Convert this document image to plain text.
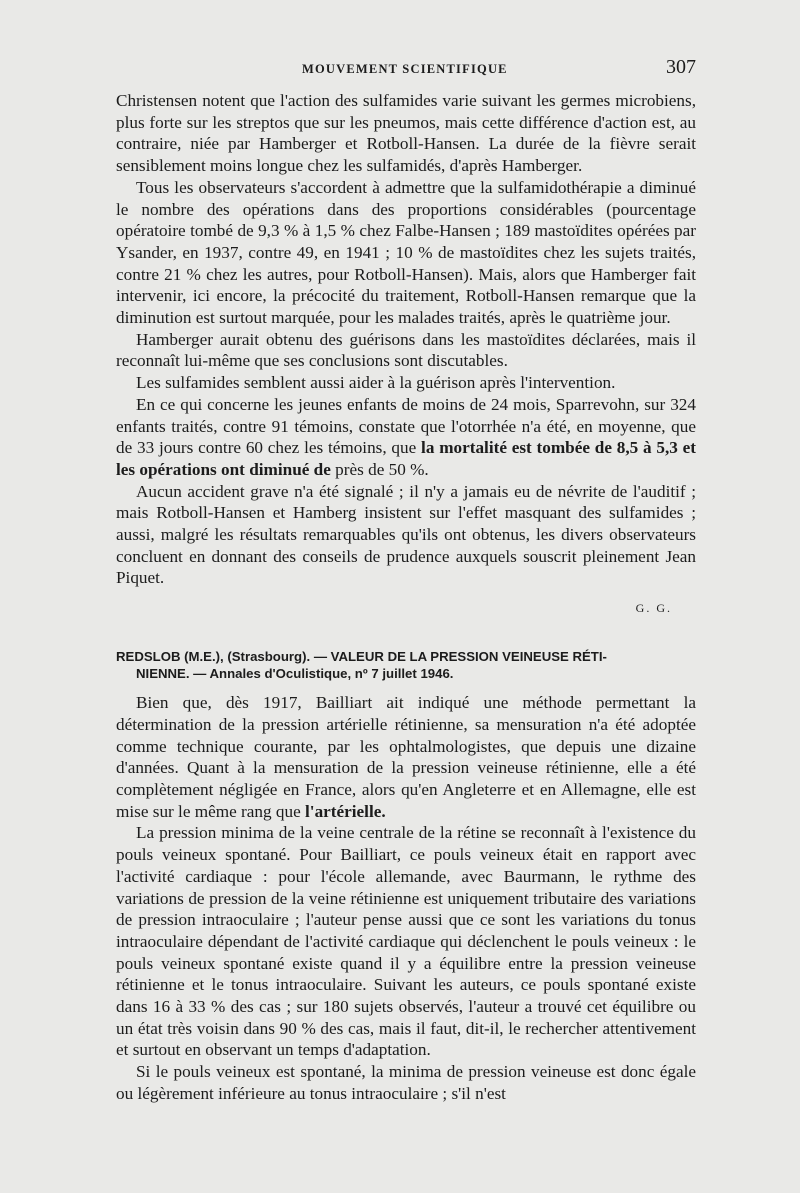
MOUVEMENT SCIENTIFIQUE	307

Christensen notent que l'action des sulfamides varie suivant les germes microbiens, plus forte sur les streptos que sur les pneumos, mais cette différence d'action est, au contraire, niée par Hamberger et Rotboll-Hansen. La durée de la fièvre serait sensiblement moins longue chez les sulfamidés, d'après Hamberger.

Tous les observateurs s'accordent à admettre que la sulfamidothérapie a diminué le nombre des opérations dans des proportions considérables (pourcentage opératoire tombé de 9,3 % à 1,5 % chez Falbe-Hansen ; 189 mastoïdites opérées par Ysander, en 1937, contre 49, en 1941 ; 10 % de mastoïdites chez les sujets traités, contre 21 % chez les autres, pour Rotboll-Hansen). Mais, alors que Hamberger fait intervenir, ici encore, la précocité du traitement, Rotboll-Hansen remarque que la diminution est surtout marquée, pour les malades traités, après le quatrième jour.

Hamberger aurait obtenu des guérisons dans les mastoïdites déclarées, mais il reconnaît lui-même que ses conclusions sont discutables.

Les sulfamides semblent aussi aider à la guérison après l'intervention.

En ce qui concerne les jeunes enfants de moins de 24 mois, Sparrevohn, sur 324 enfants traités, contre 91 témoins, constate que l'otorrhée n'a été, en moyenne, que de 33 jours contre 60 chez les témoins, que la mortalité est tombée de 8,5 à 5,3 et les opérations ont diminué de près de 50 %.

Aucun accident grave n'a été signalé ; il n'y a jamais eu de névrite de l'auditif ; mais Rotboll-Hansen et Hamberg insistent sur l'effet masquant des sulfamides ; aussi, malgré les résultats remarquables qu'ils ont obtenus, les divers observateurs concluent en donnant des conseils de prudence auxquels souscrit pleinement Jean Piquet.

G. G.
REDSLOB (M.E.), (Strasbourg). — VALEUR DE LA PRESSION VEINEUSE RÉTI-
NIENNE. — Annales d'Oculistique, nº 7 juillet 1946.

Bien que, dès 1917, Bailliart ait indiqué une méthode permettant la détermination de la pression artérielle rétinienne, sa mensuration n'a été adoptée comme technique courante, par les ophtalmologistes, que depuis une dizaine d'années. Quant à la mensuration de la pression veineuse rétinienne, elle a été complètement négligée en France, alors qu'en Angleterre et en Allemagne, elle est mise sur le même rang que l'artérielle.

La pression minima de la veine centrale de la rétine se reconnaît à l'existence du pouls veineux spontané. Pour Bailliart, ce pouls veineux était en rapport avec l'activité cardiaque : pour l'école allemande, avec Baurmann, le rythme des variations de pression de la veine rétinienne est uniquement tributaire des variations de pression intraoculaire ; l'auteur pense aussi que ce sont les variations du tonus intraoculaire dépendant de l'activité cardiaque qui déclenchent le pouls veineux : le pouls veineux spontané existe quand il y a équilibre entre la pression veineuse rétinienne et le tonus intraoculaire. Suivant les auteurs, ce pouls spontané existe dans 16 à 33 % des cas ; sur 180 sujets observés, l'auteur a trouvé cet équilibre ou un état très voisin dans 90 % des cas, mais il faut, dit-il, le rechercher attentivement et surtout en observant un temps d'adaptation.

Si le pouls veineux est spontané, la minima de pression veineuse est donc égale ou légèrement inférieure au tonus intraoculaire ; s'il n'est
